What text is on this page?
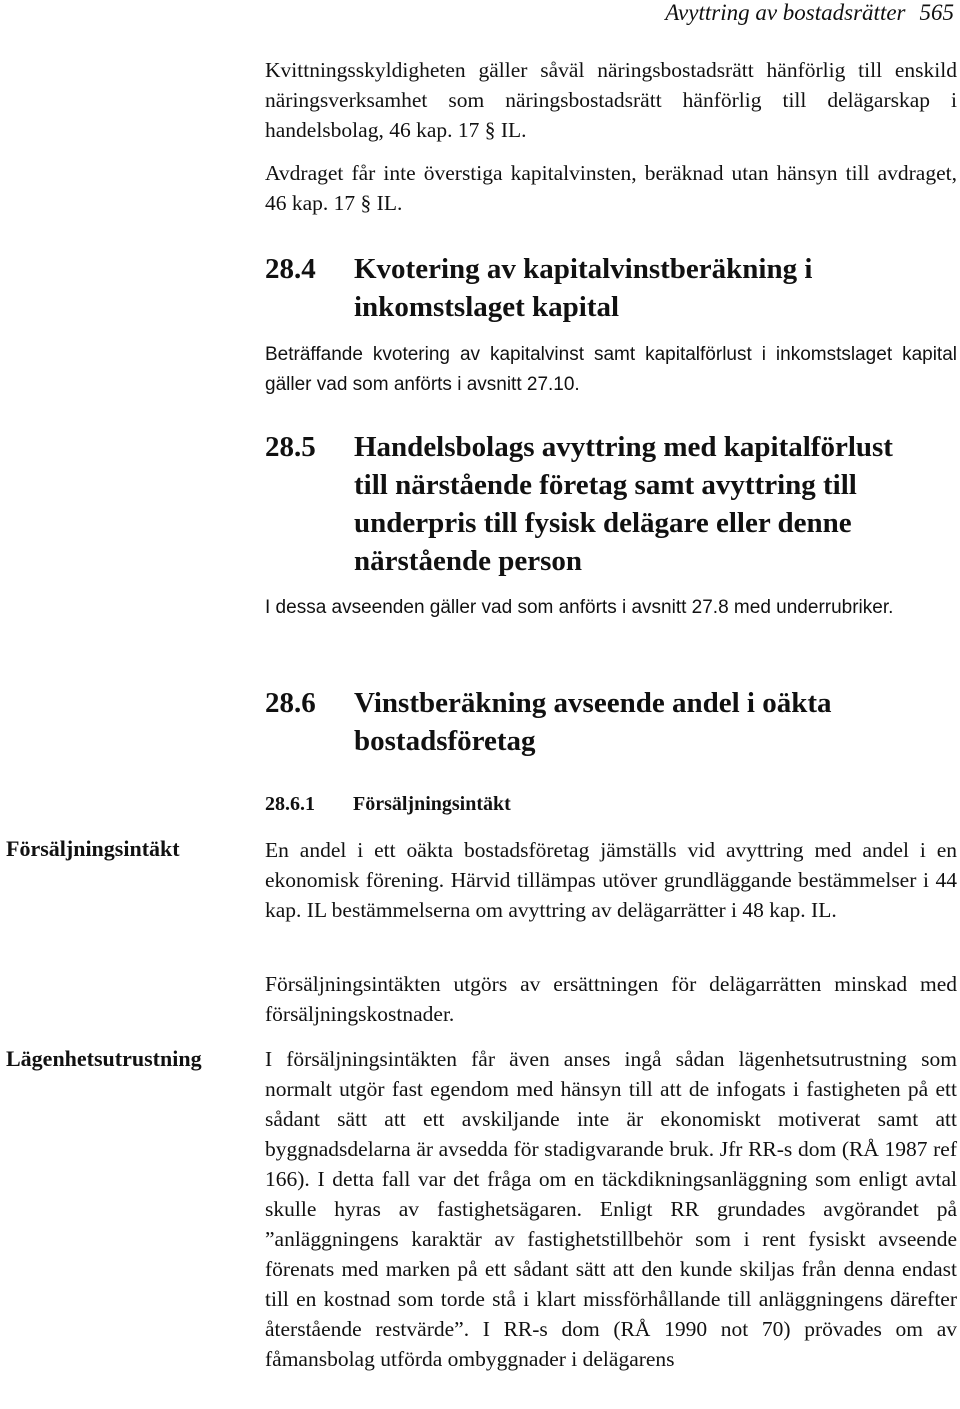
Avyttring av bostadsrätter 565

Kvittningsskyldigheten gäller såväl näringsbostadsrätt hänförlig till enskild näringsverksamhet som näringsbostadsrätt hänförlig till delägarskap i handelsbolag, 46 kap. 17 § IL.

Avdraget får inte överstiga kapitalvinsten, beräknad utan hänsyn till avdraget, 46 kap. 17 § IL.

28.4 Kvotering av kapitalvinstberäkning i inkomstslaget kapital

Beträffande kvotering av kapitalvinst samt kapitalförlust i inkomstslaget kapital gäller vad som anförts i avsnitt 27.10.

28.5 Handelsbolags avyttring med kapitalförlust till närstående företag samt avyttring till underpris till fysisk delägare eller denne närstående person

I dessa avseenden gäller vad som anförts i avsnitt 27.8 med underrubriker.

28.6 Vinstberäkning avseende andel i oäkta bostadsföretag
28.6.1 Försäljningsintäkt
Försäljningsintäkt
Lägenhetsutrustning

En andel i ett oäkta bostadsföretag jämställs vid avyttring med andel i en ekonomisk förening. Härvid tillämpas utöver grundläggande bestämmelser i 44 kap. IL bestämmelserna om avyttring av delägarrätter i 48 kap. IL.

Försäljningsintäkten utgörs av ersättningen för delägarrätten minskad med försäljningskostnader.

I försäljningsintäkten får även anses ingå sådan lägenhetsutrustning som normalt utgör fast egendom med hänsyn till att de infogats i fastigheten på ett sådant sätt att ett avskiljande inte är ekonomiskt motiverat samt att byggnadsdelarna är avsedda för stadigvarande bruk. Jfr RR-s dom (RÅ 1987 ref 166). I detta fall var det fråga om en täckdikningsanläggning som enligt avtal skulle hyras av fastighetsägaren. Enligt RR grundades avgörandet på ”anläggningens karaktär av fastighetstillbehör som i rent fysiskt avseende förenats med marken på ett sådant sätt att den kunde skiljas från denna endast till en kostnad som torde stå i klart missförhållande till anläggningens därefter återstående restvärde”. I RR-s dom (RÅ 1990 not 70) prövades om av fåmansbolag utförda ombyggnader i delägarens
